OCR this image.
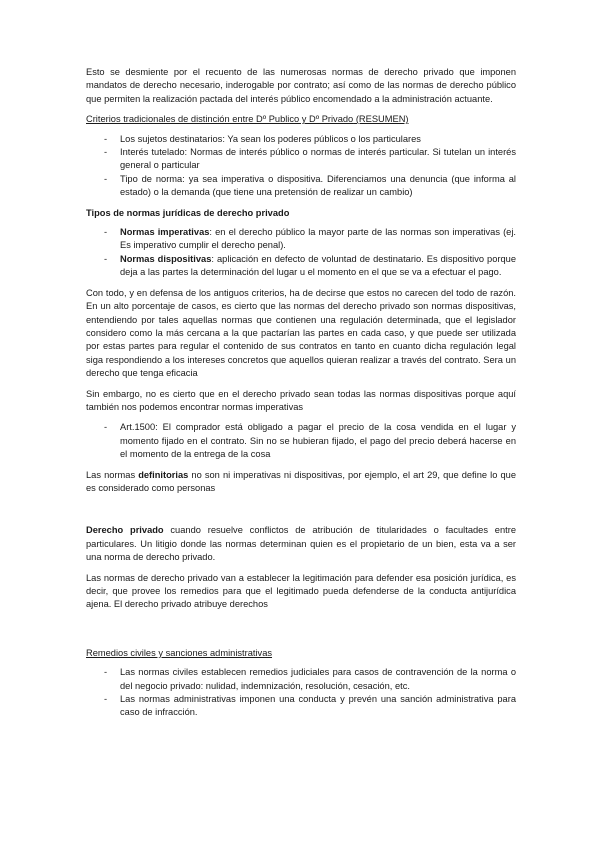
Esto se desmiente por el recuento de las numerosas normas de derecho privado que imponen mandatos de derecho necesario, inderogable por contrato; así como de las normas de derecho público que permiten la realización pactada del interés público encomendado a la administración actuante.

Criterios tradicionales de distinción entre Dº Publico y Dº Privado (RESUMEN)

- Los sujetos destinatarios: Ya sean los poderes públicos o los particulares
- Interés tutelado: Normas de interés público o normas de interés particular. Si tutelan un interés general o particular
- Tipo de norma: ya sea imperativa o dispositiva. Diferenciamos una denuncia (que informa al estado) o la demanda (que tiene una pretensión de realizar un cambio)

Tipos de normas jurídicas de derecho privado

- Normas imperativas: en el derecho público la mayor parte de las normas son imperativas (ej. Es imperativo cumplir el derecho penal).
- Normas dispositivas: aplicación en defecto de voluntad de destinatario. Es dispositivo porque deja a las partes la determinación del lugar u el momento en el que se va a efectuar el pago.

Con todo, y en defensa de los antiguos criterios, ha de decirse que estos no carecen del todo de razón. En un alto porcentaje de casos, es cierto que las normas del derecho privado son normas dispositivas, entendiendo por tales aquellas normas que contienen una regulación determinada, que el legislador considero como la más cercana a la que pactarían las partes en cada caso, y que puede ser utilizada por estas partes para regular el contenido de sus contratos en tanto en cuanto dicha regulación legal siga respondiendo a los intereses concretos que aquellos quieran realizar a través del contrato. Sera un derecho que tenga eficacia

Sin embargo, no es cierto que en el derecho privado sean todas las normas dispositivas porque aquí también nos podemos encontrar normas imperativas

- Art.1500: El comprador está obligado a pagar el precio de la cosa vendida en el lugar y momento fijado en el contrato. Sin no se hubieran fijado, el pago del precio deberá hacerse en el momento de la entrega de la cosa

Las normas definitorias no son ni imperativas ni dispositivas, por ejemplo, el art 29, que define lo que es considerado como personas

Derecho privado cuando resuelve conflictos de atribución de titularidades o facultades entre particulares. Un litigio donde las normas determinan quien es el propietario de un bien, esta va a ser una norma de derecho privado.

Las normas de derecho privado van a establecer la legitimación para defender esa posición jurídica, es decir, que provee los remedios para que el legitimado pueda defenderse de la conducta antijurídica ajena. El derecho privado atribuye derechos

Remedios civiles y sanciones administrativas

- Las normas civiles establecen remedios judiciales para casos de contravención de la norma o del negocio privado: nulidad, indemnización, resolución, cesación, etc.
- Las normas administrativas imponen una conducta y prevén una sanción administrativa para caso de infracción.
